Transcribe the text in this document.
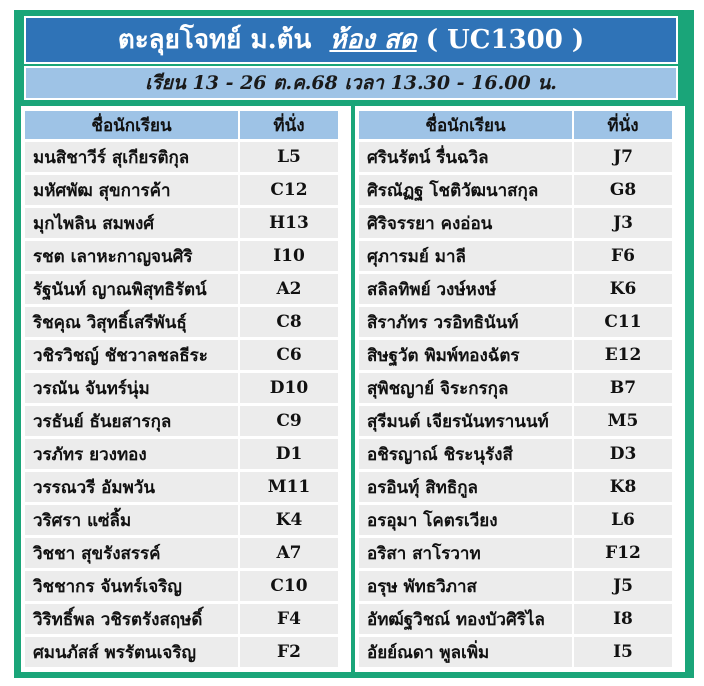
ตะลุยโจทย์ ม.ต้น ห้อง สด ( UC1300 )
เรียน 13 - 26 ต.ค.68 เวลา 13.30 - 16.00 น.
ชื่อนักเรียน	ที่นั่ง
มนสิชาวีร์ สุเกียรติกุล	L5
มหัศพัฒ สุขการค้า	C12
มุกไพลิน สมพงศ์	H13
รชต เลาหะกาญจนศิริ	I10
รัฐนันท์ ญาณพิสุทธิรัตน์	A2
ริชคุณ วิสุทธิ์เสรีพันธุ์	C8
วชิรวิชญ์ ชัชวาลชลธีระ	C6
วรณัน จันทร์นุ่ม	D10
วรธันย์ ธันยสารกุล	C9
วรภัทร ยวงทอง	D1
วรรณวรี อัมพวัน	M11
วริศรา แซ่ลิ้ม	K4
วิชชา สุขรังสรรค์	A7
วิชชากร จันทร์เจริญ	C10
วิริทธิ์พล วชิรตรังสฤษดิ์	F4
ศมนภัสส์ พรรัตนเจริญ	F2
ชื่อนักเรียน	ที่นั่ง
ศรินรัตน์ รื่นฉวิล	J7
ศิรณัฏฐ โชติวัฒนาสกุล	G8
ศิริจรรยา คงอ่อน	J3
ศุภารมย์ มาลี	F6
สลิลทิพย์ วงษ์หงษ์	K6
สิราภัทร วรอิทธินันท์	C11
สิษฐวัต พิมพ์ทองฉัตร	E12
สุพิชญาย์ จิระกรกุล	B7
สุรีมนต์ เจียรนันทรานนท์	M5
อชิรญาณ์ ชิระนุรังสี	D3
อรอินทุ์ สิทธิกูล	K8
อรอุมา โคตรเวียง	L6
อริสา สาโรวาท	F12
อรุษ พัทธวิภาส	J5
อัทฒ์ฐวิชณ์ ทองบัวศิริไล	I8
อัยย์ณดา พูลเพิ่ม	I5
